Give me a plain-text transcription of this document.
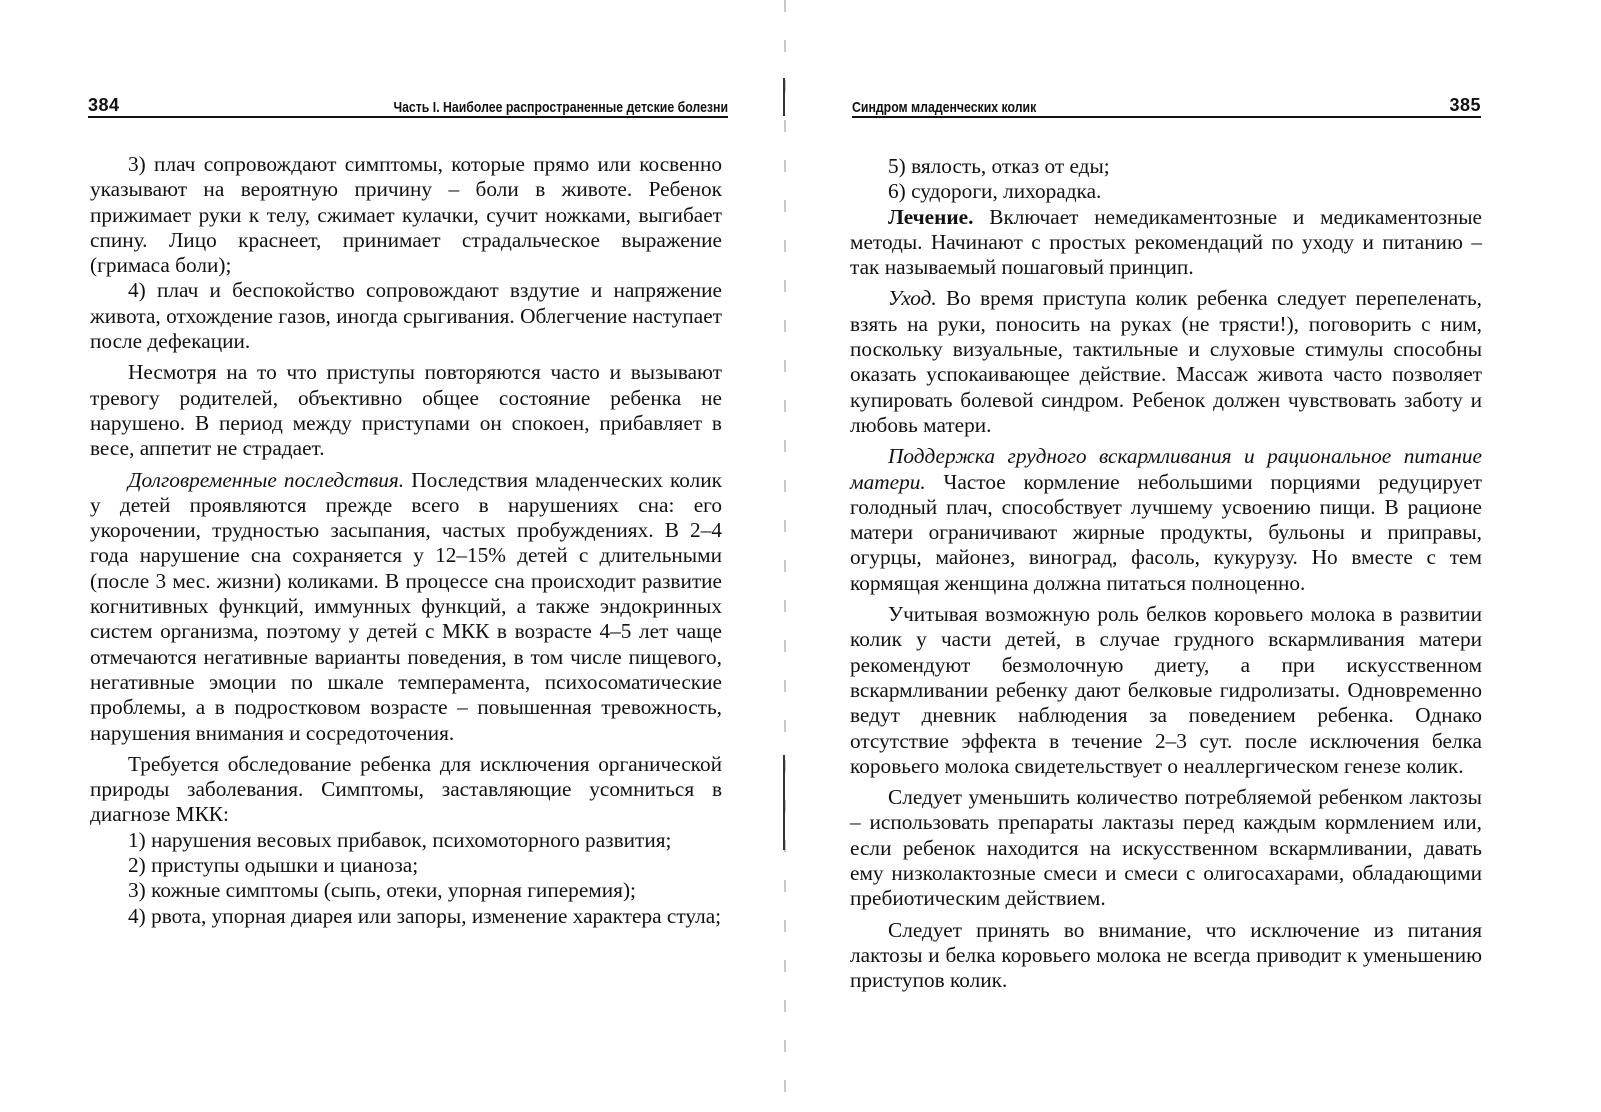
384	Часть I. Наиболее распространенные детские болезни

3) плач сопровождают симптомы, которые прямо или косвенно указывают на вероятную причину – боли в животе. Ребенок прижимает руки к телу, сжимает кулачки, сучит ножками, выгибает спину. Лицо краснеет, принимает страдальческое выражение (гримаса боли);

4) плач и беспокойство сопровождают вздутие и напряжение живота, отхождение газов, иногда срыгивания. Облегчение наступает после дефекации.

Несмотря на то что приступы повторяются часто и вызывают тревогу родителей, объективно общее состояние ребенка не нарушено. В период между приступами он спокоен, прибавляет в весе, аппетит не страдает.

Долговременные последствия. Последствия младенческих колик у детей проявляются прежде всего в нарушениях сна: его укорочении, трудностью засыпания, частых пробуждениях. В 2–4 года нарушение сна сохраняется у 12–15% детей с длительными (после 3 мес. жизни) коликами. В процессе сна происходит развитие когнитивных функций, иммунных функций, а также эндокринных систем организма, поэтому у детей с МКК в возрасте 4–5 лет чаще отмечаются негативные варианты поведения, в том числе пищевого, негативные эмоции по шкале темперамента, психосоматические проблемы, а в подростковом возрасте – повышенная тревожность, нарушения внимания и сосредоточения.

Требуется обследование ребенка для исключения органической природы заболевания. Симптомы, заставляющие усомниться в диагнозе МКК:

1) нарушения весовых прибавок, психомоторного развития;

2) приступы одышки и цианоза;

3) кожные симптомы (сыпь, отеки, упорная гиперемия);

4) рвота, упорная диарея или запоры, изменение характера стула;

Синдром младенческих колик	385

5) вялость, отказ от еды;

6) судороги, лихорадка.

Лечение. Включает немедикаментозные и медикаментозные методы. Начинают с простых рекомендаций по уходу и питанию – так называемый пошаговый принцип.

Уход. Во время приступа колик ребенка следует перепеленать, взять на руки, поносить на руках (не трясти!), поговорить с ним, поскольку визуальные, тактильные и слуховые стимулы способны оказать успокаивающее действие. Массаж живота часто позволяет купировать болевой синдром. Ребенок должен чувствовать заботу и любовь матери.

Поддержка грудного вскармливания и рациональное питание матери. Частое кормление небольшими порциями редуцирует голодный плач, способствует лучшему усвоению пищи. В рационе матери ограничивают жирные продукты, бульоны и приправы, огурцы, майонез, виноград, фасоль, кукурузу. Но вместе с тем кормящая женщина должна питаться полноценно.

Учитывая возможную роль белков коровьего молока в развитии колик у части детей, в случае грудного вскармливания матери рекомендуют безмолочную диету, а при искусственном вскармливании ребенку дают белковые гидролизаты. Одновременно ведут дневник наблюдения за поведением ребенка. Однако отсутствие эффекта в течение 2–3 сут. после исключения белка коровьего молока свидетельствует о неаллергическом генезе колик.

Следует уменьшить количество потребляемой ребенком лактозы – использовать препараты лактазы перед каждым кормлением или, если ребенок находится на искусственном вскармливании, давать ему низколактозные смеси и смеси с олигосахарами, обладающими пребиотическим действием.

Следует принять во внимание, что исключение из питания лактозы и белка коровьего молока не всегда приводит к уменьшению приступов колик.
